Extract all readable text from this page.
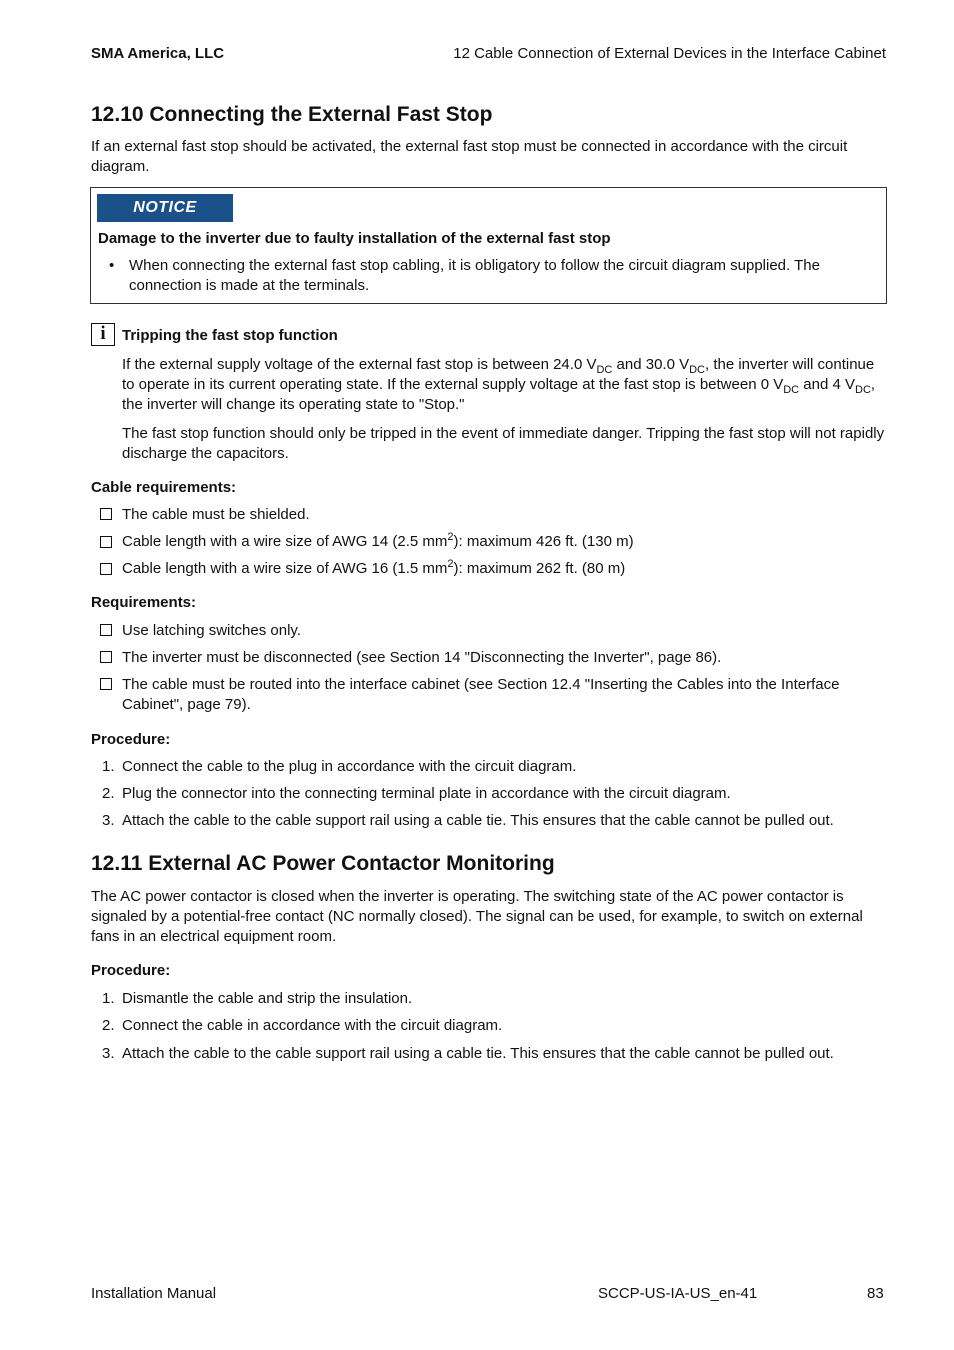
SMA America, LLC	12 Cable Connection of External Devices in the Interface Cabinet
12.10 Connecting the External Fast Stop

If an external fast stop should be activated, the external fast stop must be connected in accordance with the circuit diagram.

NOTICE
Damage to the inverter due to faulty installation of the external fast stop
• When connecting the external fast stop cabling, it is obligatory to follow the circuit diagram supplied. The connection is made at the terminals.
i	Tripping the fast stop function

If the external supply voltage of the external fast stop is between 24.0 $V_{DC}$ and 30.0 $V_{DC}$, the inverter will continue to operate in its current operating state. If the external supply voltage at the fast stop is between 0 $V_{DC}$ and 4 $V_{DC}$, the inverter will change its operating state to "Stop."

The fast stop function should only be tripped in the event of immediate danger. Tripping the fast stop will not rapidly discharge the capacitors.

Cable requirements:
The cable must be shielded.
Cable length with a wire size of AWG 14 (2.5 $mm^2$): maximum 426 ft. (130 m)
Cable length with a wire size of AWG 16 (1.5 $mm^2$): maximum 262 ft. (80 m)
Requirements:
Use latching switches only.
The inverter must be disconnected (see Section 14 "Disconnecting the Inverter", page 86).
The cable must be routed into the interface cabinet (see Section 12.4 "Inserting the Cables into the Interface Cabinet", page 79).
Procedure:
1. Connect the cable to the plug in accordance with the circuit diagram.
2. Plug the connector into the connecting terminal plate in accordance with the circuit diagram.
3. Attach the cable to the cable support rail using a cable tie. This ensures that the cable cannot be pulled out.
12.11 External AC Power Contactor Monitoring

The AC power contactor is closed when the inverter is operating. The switching state of the AC power contactor is signaled by a potential-free contact (NC normally closed). The signal can be used, for example, to switch on external fans in an electrical equipment room.

Procedure:
1. Dismantle the cable and strip the insulation.
2. Connect the cable in accordance with the circuit diagram.
3. Attach the cable to the cable support rail using a cable tie. This ensures that the cable cannot be pulled out.
Installation Manual	SCCP-US-IA-US_en-41	83
